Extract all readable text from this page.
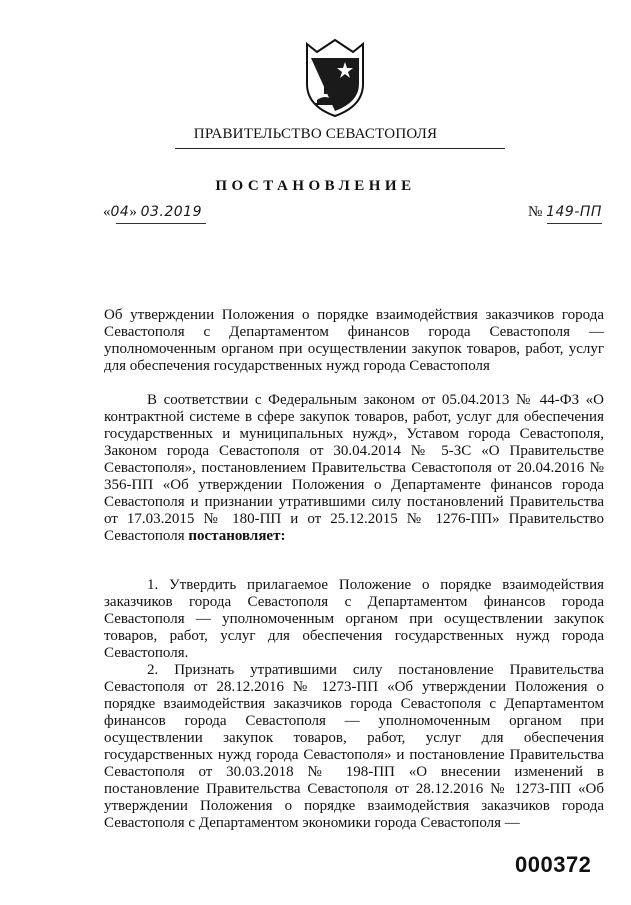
ПРАВИТЕЛЬСТВО СЕВАСТОПОЛЯ
ПОСТАНОВЛЕНИЕ
«04» 03.2019	№ 149-ПП
Об утверждении Положения о порядке взаимодействия заказчиков города Севастополя с Департаментом финансов города Севастополя — уполномоченным органом при осуществлении закупок товаров, работ, услуг для обеспечения государственных нужд города Севастополя
В соответствии с Федеральным законом от 05.04.2013 № 44-ФЗ «О контрактной системе в сфере закупок товаров, работ, услуг для обеспечения государственных и муниципальных нужд», Уставом города Севастополя, Законом города Севастополя от 30.04.2014 № 5-ЗС «О Правительстве Севастополя», постановлением Правительства Севастополя от 20.04.2016 № 356-ПП «Об утверждении Положения о Департаменте финансов города Севастополя и признании утратившими силу постановлений Правительства от 17.03.2015 № 180-ПП и от 25.12.2015 № 1276-ПП» Правительство Севастополя постановляет:
1. Утвердить прилагаемое Положение о порядке взаимодействия заказчиков города Севастополя с Департаментом финансов города Севастополя — уполномоченным органом при осуществлении закупок товаров, работ, услуг для обеспечения государственных нужд города Севастополя.
2. Признать утратившими силу постановление Правительства Севастополя от 28.12.2016 № 1273-ПП «Об утверждении Положения о порядке взаимодействия заказчиков города Севастополя с Департаментом финансов города Севастополя — уполномоченным органом при осуществлении закупок товаров, работ, услуг для обеспечения государственных нужд города Севастополя» и постановление Правительства Севастополя от 30.03.2018 № 198-ПП «О внесении изменений в постановление Правительства Севастополя от 28.12.2016 № 1273-ПП «Об утверждении Положения о порядке взаимодействия заказчиков города Севастополя с Департаментом экономики города Севастополя —
000372
